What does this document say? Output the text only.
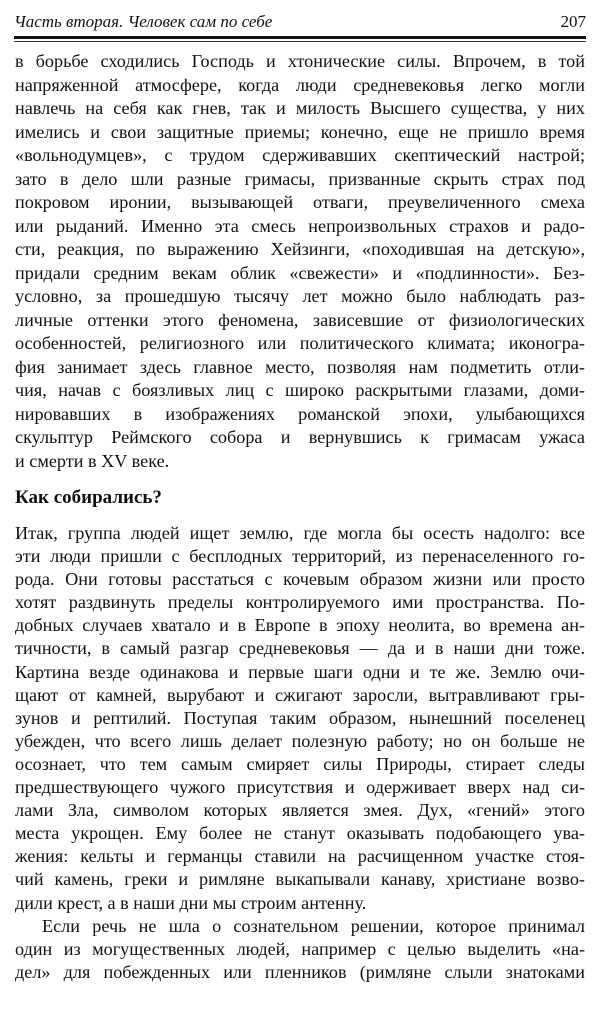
Часть вторая. Человек сам по себе	207
в борьбе сходились Господь и хтонические силы. Впрочем, в той
напряженной атмосфере, когда люди средневековья легко могли
навлечь на себя как гнев, так и милость Высшего существа, у них
имелись и свои защитные приемы; конечно, еще не пришло время
«вольнодумцев», с трудом сдерживавших скептический настрой;
зато в дело шли разные гримасы, призванные скрыть страх под
покровом иронии, вызывающей отваги, преувеличенного смеха
или рыданий. Именно эта смесь непроизвольных страхов и радо-
сти, реакция, по выражению Хейзинги, «походившая на детскую»,
придали средним векам облик «свежести» и «подлинности». Без-
условно, за прошедшую тысячу лет можно было наблюдать раз-
личные оттенки этого феномена, зависевшие от физиологических
особенностей, религиозного или политического климата; иконогра-
фия занимает здесь главное место, позволяя нам подметить отли-
чия, начав с боязливых лиц с широко раскрытыми глазами, доми-
нировавших в изображениях романской эпохи, улыбающихся
скульптур Реймского собора и вернувшись к гримасам ужаса
и смерти в XV веке.
Как собирались?
Итак, группа людей ищет землю, где могла бы осесть надолго: все
эти люди пришли с бесплодных территорий, из перенаселенного го-
рода. Они готовы расстаться с кочевым образом жизни или просто
хотят раздвинуть пределы контролируемого ими пространства. По-
добных случаев хватало и в Европе в эпоху неолита, во времена ан-
тичности, в самый разгар средневековья — да и в наши дни тоже.
Картина везде одинакова и первые шаги одни и те же. Землю очи-
щают от камней, вырубают и сжигают заросли, вытравливают гры-
зунов и рептилий. Поступая таким образом, нынешний поселенец
убежден, что всего лишь делает полезную работу; но он больше не
осознает, что тем самым смиряет силы Природы, стирает следы
предшествующего чужого присутствия и одерживает вверх над си-
лами Зла, символом которых является змея. Дух, «гений» этого
места укрощен. Ему более не станут оказывать подобающего ува-
жения: кельты и германцы ставили на расчищенном участке стоя-
чий камень, греки и римляне выкапывали канаву, христиане возво-
дили крест, а в наши дни мы строим антенну.
Если речь не шла о сознательном решении, которое принимал
один из могущественных людей, например с целью выделить «на-
дел» для побежденных или пленников (римляне слыли знатоками
